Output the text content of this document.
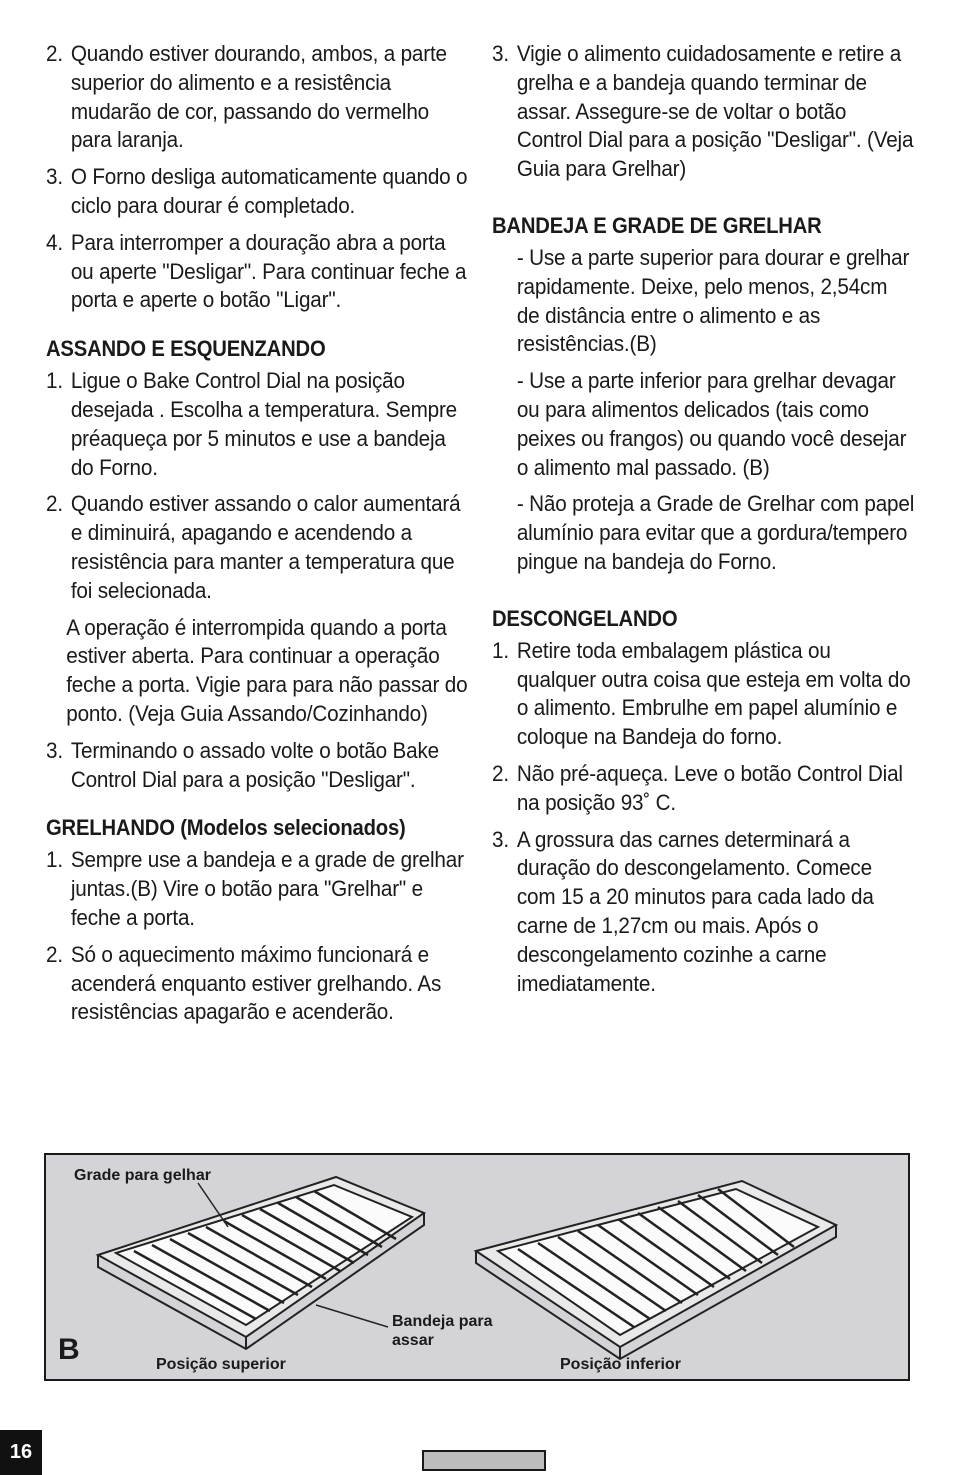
2. Quando estiver dourando, ambos, a parte superior do alimento e a resistência mudarão de cor, passando do vermelho para laranja.
3. O Forno desliga automaticamente quando o ciclo para dourar é completado.
4. Para interromper a douração abra a porta ou aperte "Desligar". Para continuar feche a porta e aperte o botão "Ligar".
ASSANDO E ESQUENZANDO
1. Ligue o Bake Control Dial na posição desejada . Escolha a temperatura. Sempre préaqueça por 5 minutos e use a bandeja do Forno.
2. Quando estiver assando o calor aumentará e diminuirá, apagando e acendendo a resistência para manter a temperatura que foi selecionada.
A operação é interrompida quando a porta estiver aberta. Para continuar a operação feche a porta. Vigie para para não passar do ponto. (Veja Guia Assando/Cozinhando)
3. Terminando o assado volte o botão Bake Control Dial para a posição "Desligar".
GRELHANDO (Modelos selecionados)
1. Sempre use a bandeja e a grade de grelhar juntas.(B) Vire o botão para "Grelhar" e feche a porta.
2. Só o aquecimento máximo funcionará e acenderá enquanto estiver grelhando. As resistências apagarão e acenderão.
3. Vigie o alimento cuidadosamente e retire a grelha e a bandeja quando terminar de assar. Assegure-se de voltar o botão Control Dial para a posição "Desligar". (Veja Guia para Grelhar)
BANDEJA E GRADE DE GRELHAR
- Use a parte superior para dourar e grelhar rapidamente. Deixe, pelo menos, 2,54cm de distância entre o alimento e as resistências.(B)
- Use a parte inferior para grelhar devagar ou para alimentos delicados (tais como peixes ou frangos) ou quando você desejar o alimento mal passado. (B)
- Não proteja a Grade de Grelhar com papel alumínio para evitar que a gordura/tempero pingue na bandeja do Forno.
DESCONGELANDO
1. Retire toda embalagem plástica ou qualquer outra coisa que esteja em volta do o alimento. Embrulhe em papel alumínio e coloque na Bandeja do forno.
2. Não pré-aqueça. Leve o botão Control Dial na posição 93˚ C.
3. A grossura das carnes determinará a duração do descongelamento. Comece com 15 a 20 minutos para cada lado da carne de 1,27cm ou mais. Após o descongelamento cozinhe a carne imediatamente.
Grade para gelhar
Bandeja para
assar
Posição superior	Posição inferior
B
16
